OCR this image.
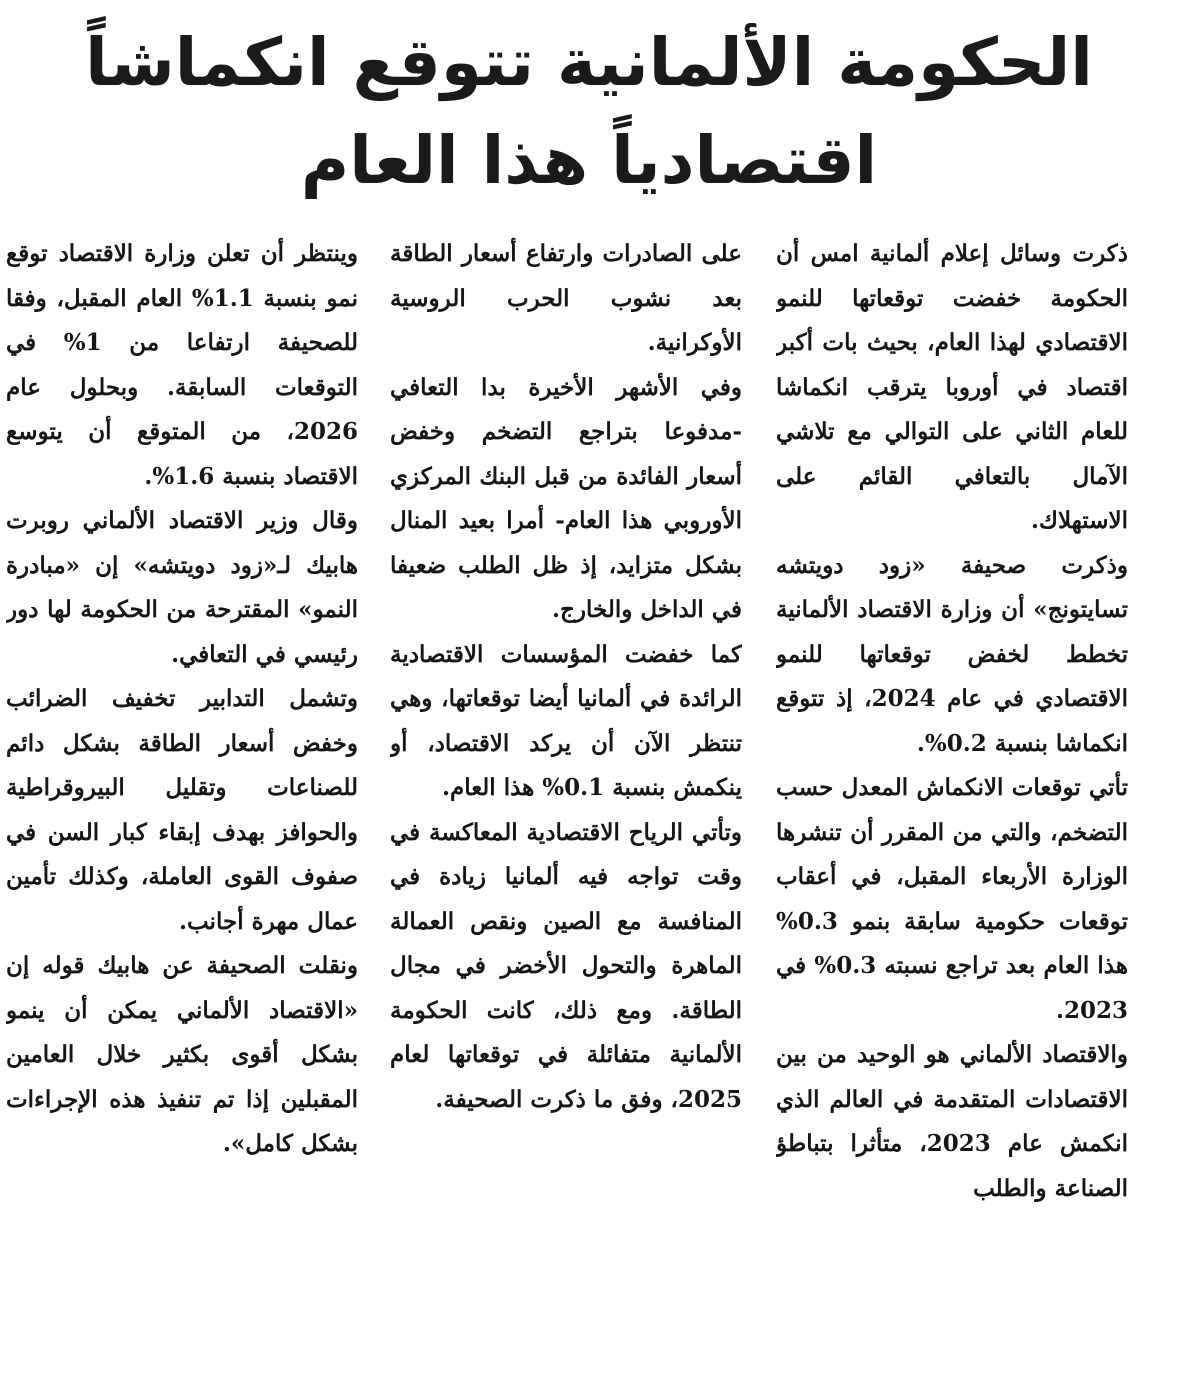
الحكومة الألمانية تتوقع انكماشاً
اقتصادياً هذا العام

ذكرت وسائل إعلام ألمانية امس أن الحكومة خفضت توقعاتها للنمو الاقتصادي لهذا العام، بحيث بات أكبر اقتصاد في أوروبا يترقب انكماشا للعام الثاني على التوالي مع تلاشي الآمال بالتعافي القائم على الاستهلاك.

وذكرت صحيفة «زود دويتشه تسايتونج» أن وزارة الاقتصاد الألمانية تخطط لخفض توقعاتها للنمو الاقتصادي في عام 2024، إذ تتوقع انكماشا بنسبة 0.2%.

تأتي توقعات الانكماش المعدل حسب التضخم، والتي من المقرر أن تنشرها الوزارة الأربعاء المقبل، في أعقاب توقعات حكومية سابقة بنمو 0.3% هذا العام بعد تراجع نسبته 0.3% في 2023.

والاقتصاد الألماني هو الوحيد من بين الاقتصادات المتقدمة في العالم الذي انكمش عام 2023، متأثرا بتباطؤ الصناعة والطلب

على الصادرات وارتفاع أسعار الطاقة بعد نشوب الحرب الروسية الأوكرانية.

وفي الأشهر الأخيرة بدا التعافي -مدفوعا بتراجع التضخم وخفض أسعار الفائدة من قبل البنك المركزي الأوروبي هذا العام- أمرا بعيد المنال بشكل متزايد، إذ ظل الطلب ضعيفا في الداخل والخارج.

كما خفضت المؤسسات الاقتصادية الرائدة في ألمانيا أيضا توقعاتها، وهي تنتظر الآن أن يركد الاقتصاد، أو ينكمش بنسبة 0.1% هذا العام.

وتأتي الرياح الاقتصادية المعاكسة في وقت تواجه فيه ألمانيا زيادة في المنافسة مع الصين ونقص العمالة الماهرة والتحول الأخضر في مجال الطاقة. ومع ذلك، كانت الحكومة الألمانية متفائلة في توقعاتها لعام 2025، وفق ما ذكرت الصحيفة.

وينتظر أن تعلن وزارة الاقتصاد توقع نمو بنسبة 1.1% العام المقبل، وفقا للصحيفة ارتفاعا من 1% في التوقعات السابقة. وبحلول عام 2026، من المتوقع أن يتوسع الاقتصاد بنسبة 1.6%.

وقال وزير الاقتصاد الألماني روبرت هابيك لـ«زود دويتشه» إن «مبادرة النمو» المقترحة من الحكومة لها دور رئيسي في التعافي.

وتشمل التدابير تخفيف الضرائب وخفض أسعار الطاقة بشكل دائم للصناعات وتقليل البيروقراطية والحوافز بهدف إبقاء كبار السن في صفوف القوى العاملة، وكذلك تأمين عمال مهرة أجانب.

ونقلت الصحيفة عن هابيك قوله إن «الاقتصاد الألماني يمكن أن ينمو بشكل أقوى بكثير خلال العامين المقبلين إذا تم تنفيذ هذه الإجراءات بشكل كامل».
